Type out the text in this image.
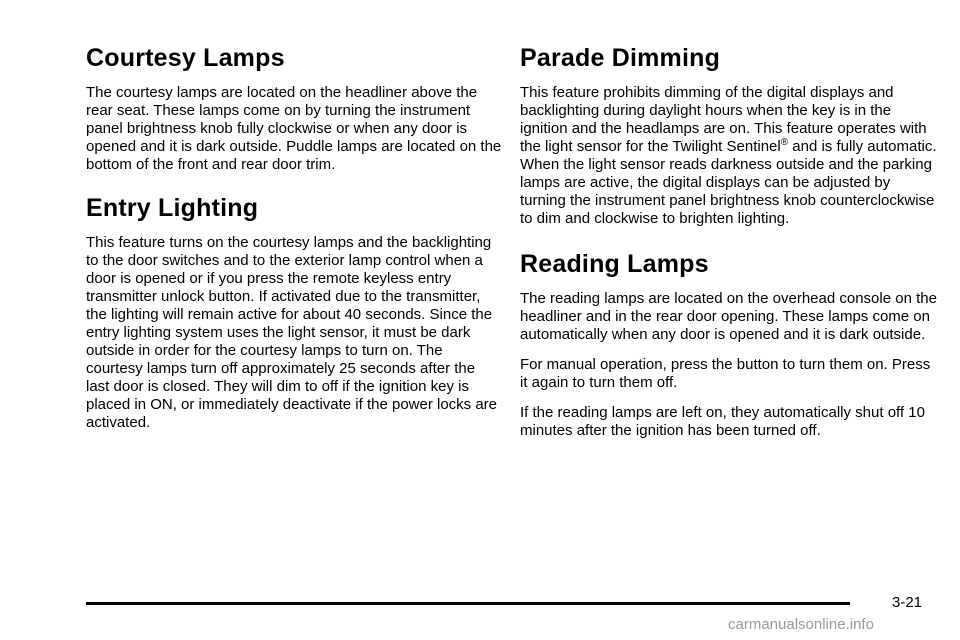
Courtesy Lamps

The courtesy lamps are located on the headliner above the rear seat. These lamps come on by turning the instrument panel brightness knob fully clockwise or when any door is opened and it is dark outside. Puddle lamps are located on the bottom of the front and rear door trim.

Entry Lighting

This feature turns on the courtesy lamps and the backlighting to the door switches and to the exterior lamp control when a door is opened or if you press the remote keyless entry transmitter unlock button. If activated due to the transmitter, the lighting will remain active for about 40 seconds. Since the entry lighting system uses the light sensor, it must be dark outside in order for the courtesy lamps to turn on. The courtesy lamps turn off approximately 25 seconds after the last door is closed. They will dim to off if the ignition key is placed in ON, or immediately deactivate if the power locks are activated.

Parade Dimming

This feature prohibits dimming of the digital displays and backlighting during daylight hours when the key is in the ignition and the headlamps are on. This feature operates with the light sensor for the Twilight Sentinel® and is fully automatic. When the light sensor reads darkness outside and the parking lamps are active, the digital displays can be adjusted by turning the instrument panel brightness knob counterclockwise to dim and clockwise to brighten lighting.

Reading Lamps

The reading lamps are located on the overhead console on the headliner and in the rear door opening. These lamps come on automatically when any door is opened and it is dark outside.

For manual operation, press the button to turn them on. Press it again to turn them off.

If the reading lamps are left on, they automatically shut off 10 minutes after the ignition has been turned off.

3-21
carmanualsonline.info
